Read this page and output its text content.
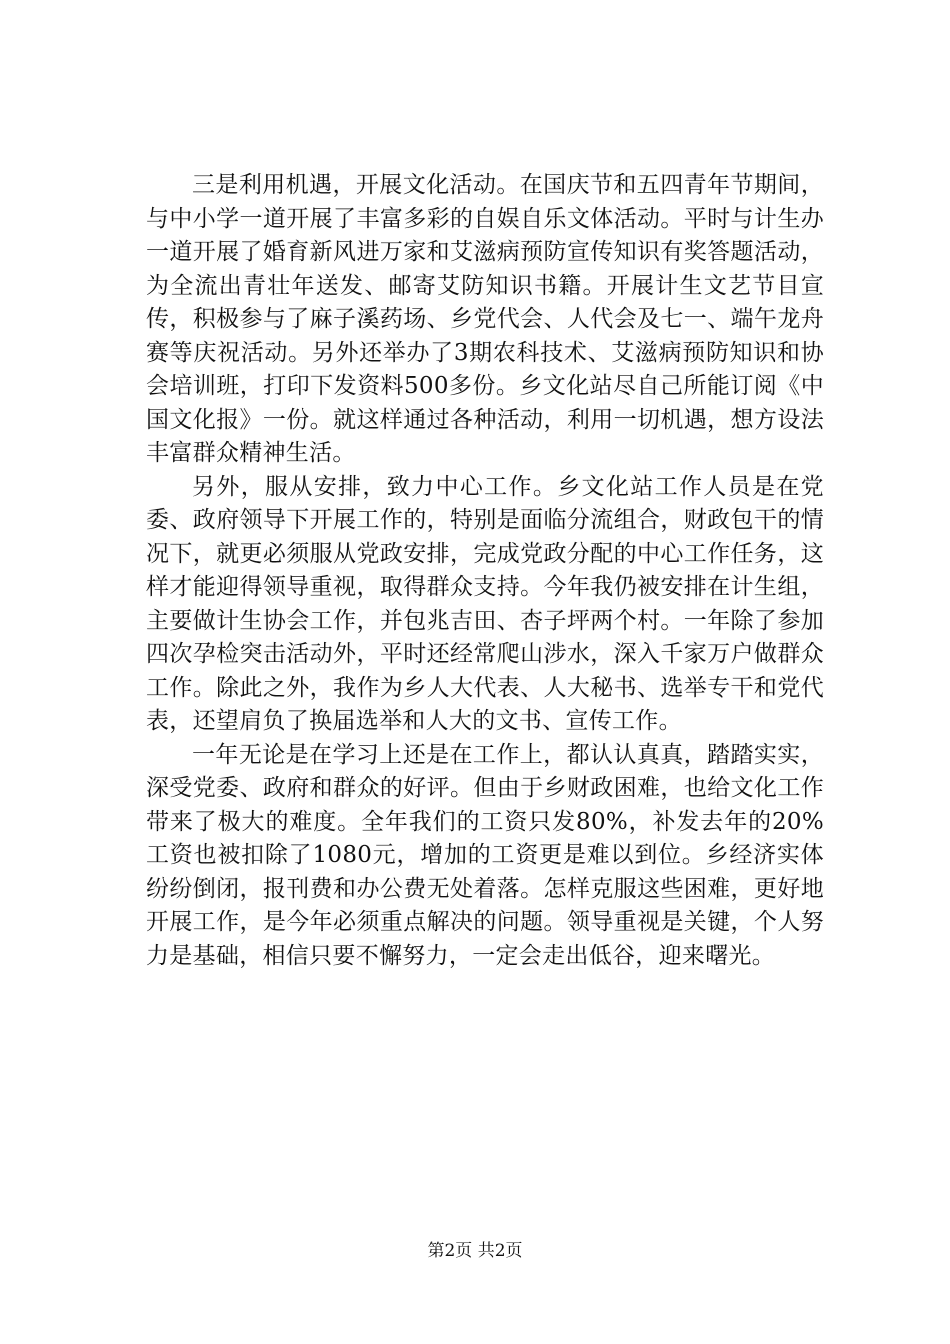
三是利用机遇，开展文化活动。在国庆节和五四青年节期间，与中小学一道开展了丰富多彩的自娱自乐文体活动。平时与计生办一道开展了婚育新风进万家和艾滋病预防宣传知识有奖答题活动，为全流出青壮年送发、邮寄艾防知识书籍。开展计生文艺节目宣传，积极参与了麻子溪药场、乡党代会、人代会及七一、端午龙舟赛等庆祝活动。另外还举办了3期农科技术、艾滋病预防知识和协会培训班，打印下发资料500多份。乡文化站尽自己所能订阅《中国文化报》一份。就这样通过各种活动，利用一切机遇，想方设法丰富群众精神生活。

另外，服从安排，致力中心工作。乡文化站工作人员是在党委、政府领导下开展工作的，特别是面临分流组合，财政包干的情况下，就更必须服从党政安排，完成党政分配的中心工作任务，这样才能迎得领导重视，取得群众支持。今年我仍被安排在计生组，主要做计生协会工作，并包兆吉田、杏子坪两个村。一年除了参加四次孕检突击活动外，平时还经常爬山涉水，深入千家万户做群众工作。除此之外，我作为乡人大代表、人大秘书、选举专干和党代表，还望肩负了换届选举和人大的文书、宣传工作。

一年无论是在学习上还是在工作上，都认认真真，踏踏实实，深受党委、政府和群众的好评。但由于乡财政困难，也给文化工作带来了极大的难度。全年我们的工资只发80%，补发去年的20%工资也被扣除了1080元，增加的工资更是难以到位。乡经济实体纷纷倒闭，报刊费和办公费无处着落。怎样克服这些困难，更好地开展工作，是今年必须重点解决的问题。领导重视是关键，个人努力是基础，相信只要不懈努力，一定会走出低谷，迎来曙光。

第2页 共2页
